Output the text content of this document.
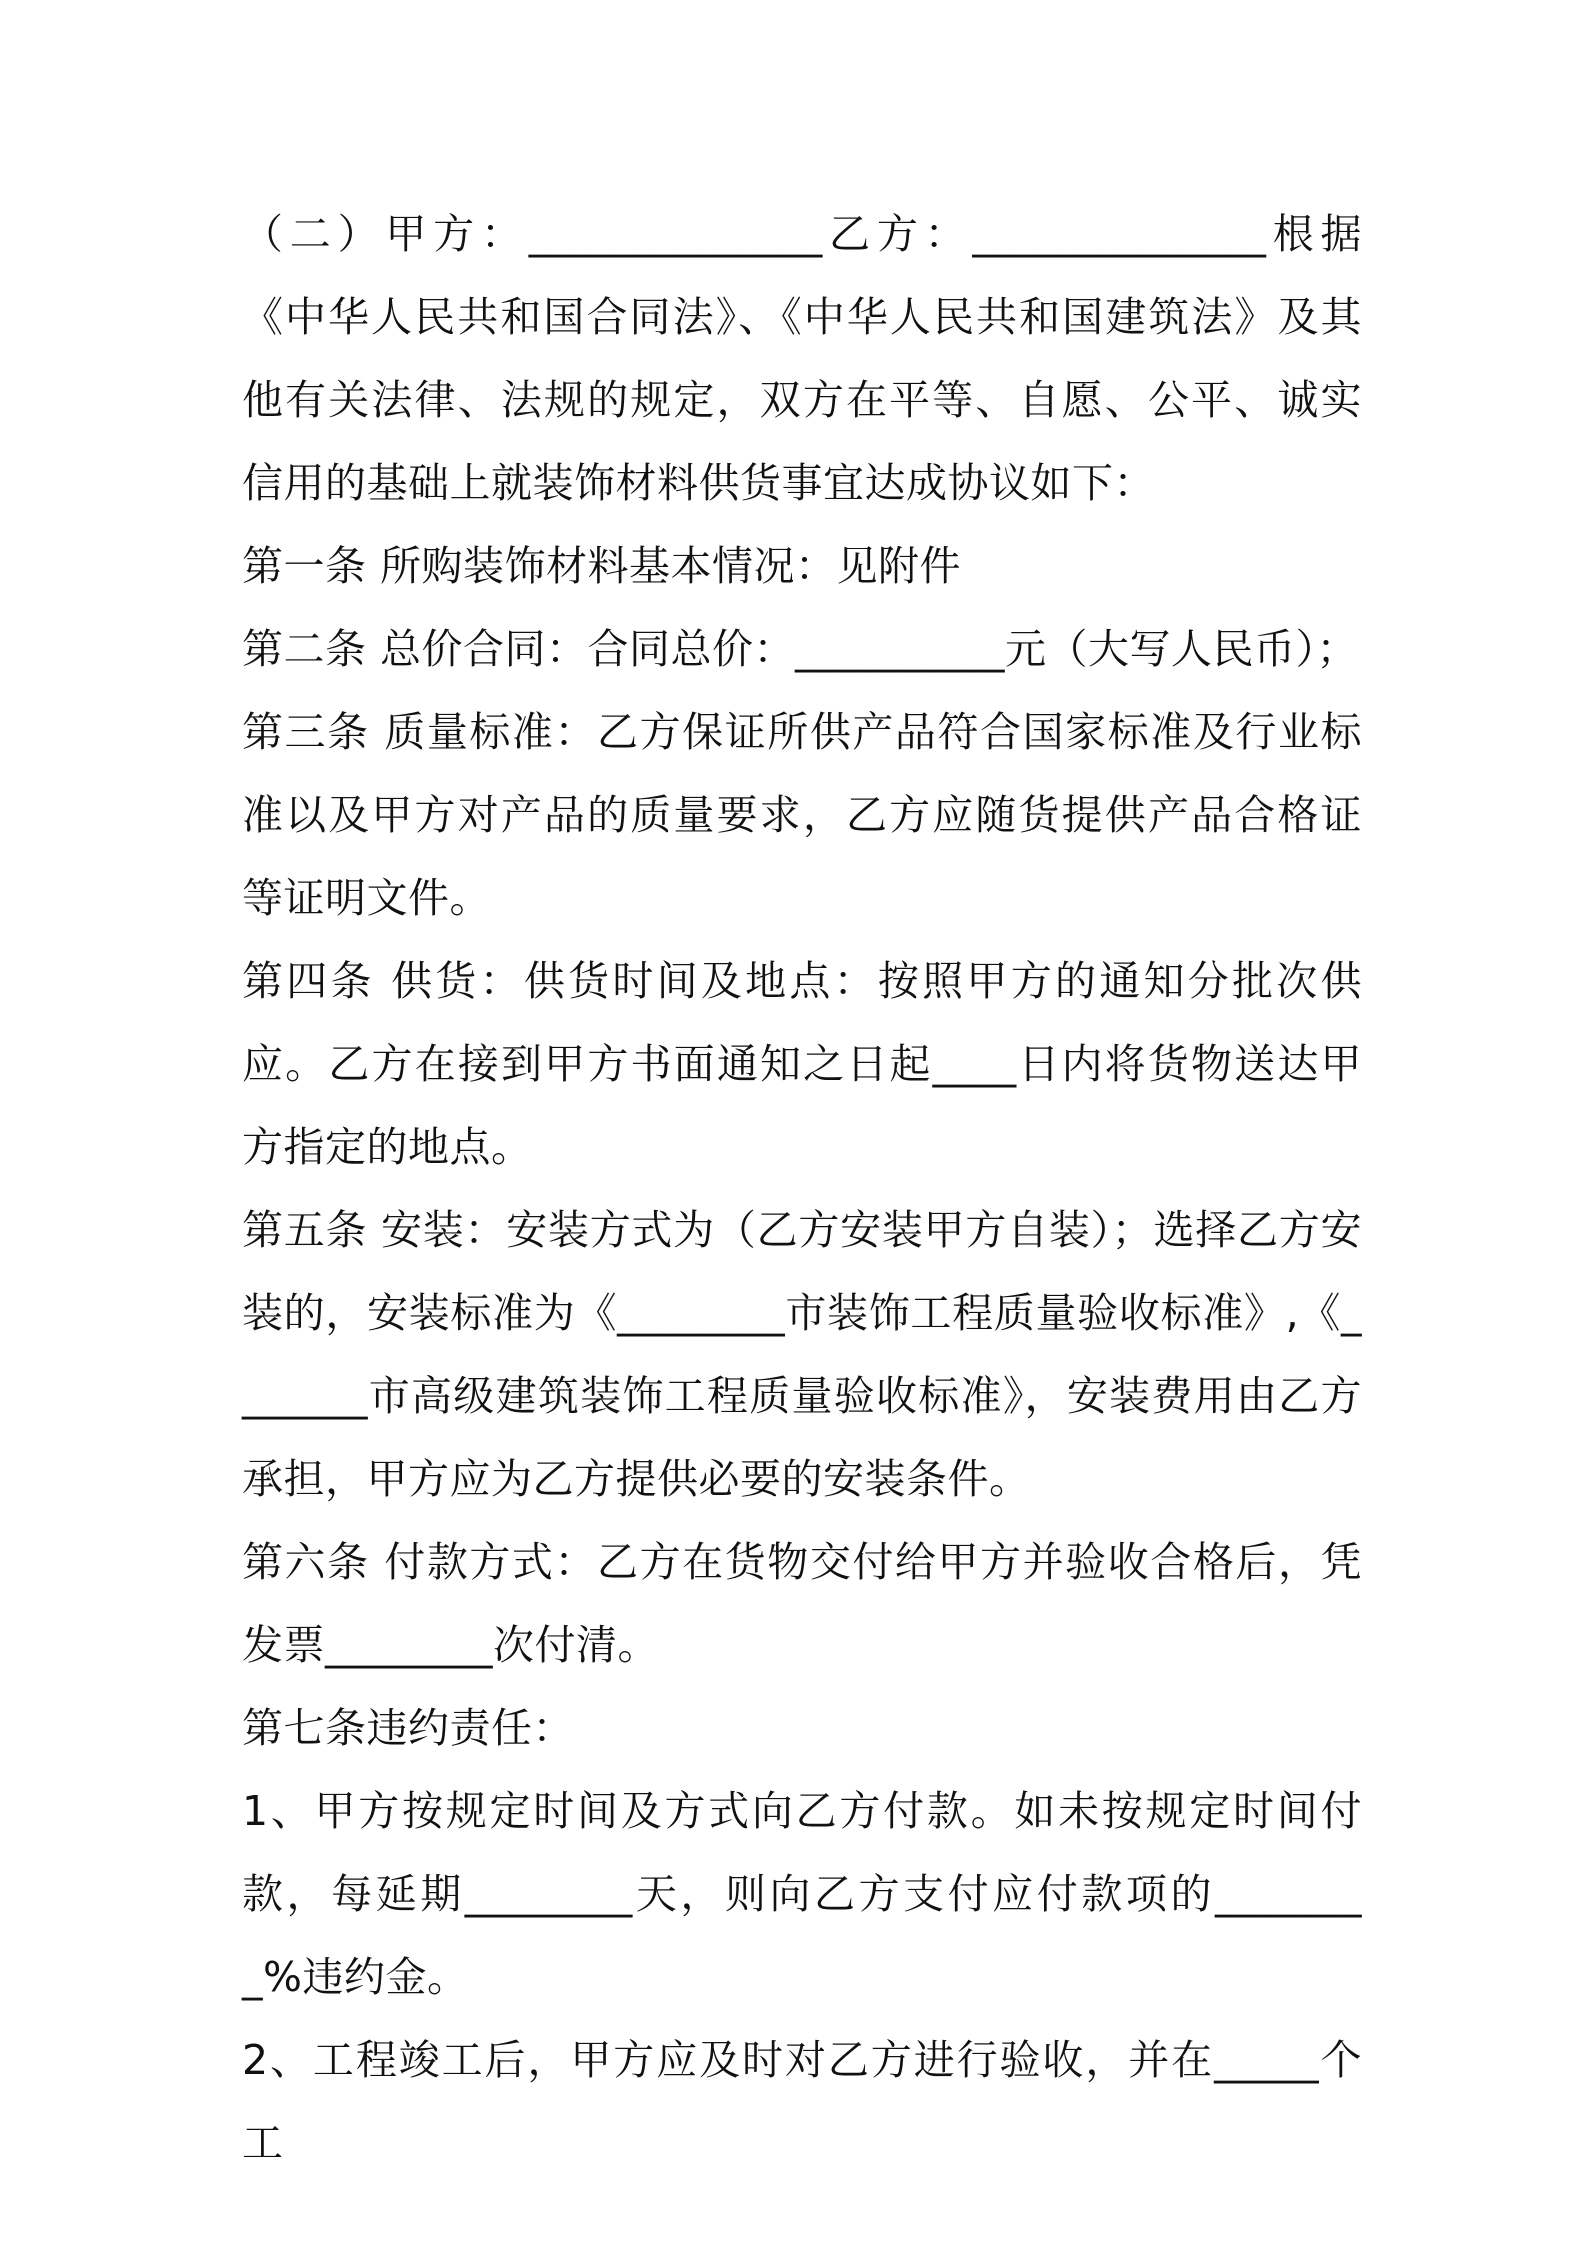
（二）甲方：______________乙方：______________根据《中华人民共和国合同法》、《中华人民共和国建筑法》及其他有关法律、法规的规定，双方在平等、自愿、公平、诚实信用的基础上就装饰材料供货事宜达成协议如下：

第一条 所购装饰材料基本情况：见附件

第二条 总价合同：合同总价：__________元（大写人民币）；

第三条 质量标准：乙方保证所供产品符合国家标准及行业标准以及甲方对产品的质量要求，乙方应随货提供产品合格证等证明文件。

第四条 供货：供货时间及地点：按照甲方的通知分批次供应。乙方在接到甲方书面通知之日起____日内将货物送达甲方指定的地点。

第五条 安装：安装方式为（乙方安装甲方自装）；选择乙方安装的，安装标准为《________市装饰工程质量验收标准》,《_______市高级建筑装饰工程质量验收标准》，安装费用由乙方承担，甲方应为乙方提供必要的安装条件。

第六条 付款方式：乙方在货物交付给甲方并验收合格后，凭发票________次付清。

第七条违约责任：

1、甲方按规定时间及方式向乙方付款。如未按规定时间付款，每延期________天，则向乙方支付应付款项的________%违约金。

2、工程竣工后，甲方应及时对乙方进行验收，并在_____个工
